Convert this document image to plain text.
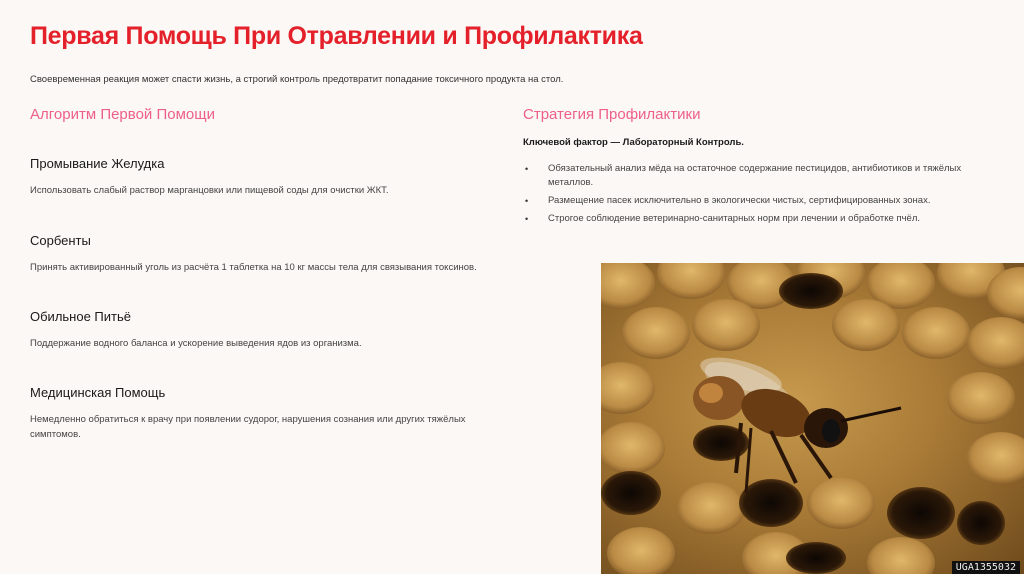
Первая Помощь При Отравлении и Профилактика
Своевременная реакция может спасти жизнь, а строгий контроль предотвратит попадание токсичного продукта на стол.
Алгоритм Первой Помощи
Промывание Желудка
Использовать слабый раствор марганцовки или пищевой соды для очистки ЖКТ.
Сорбенты
Принять активированный уголь из расчёта 1 таблетка на 10 кг массы тела для связывания токсинов.
Обильное Питьё
Поддержание водного баланса и ускорение выведения ядов из организма.
Медицинская Помощь
Немедленно обратиться к врачу при появлении судорог, нарушения сознания или других тяжёлых симптомов.
Стратегия Профилактики
Ключевой фактор — Лабораторный Контроль.
• Обязательный анализ мёда на остаточное содержание пестицидов, антибиотиков и тяжёлых металлов.
• Размещение пасек исключительно в экологически чистых, сертифицированных зонах.
• Строгое соблюдение ветеринарно-санитарных норм при лечении и обработке пчёл.
UGA1355032
